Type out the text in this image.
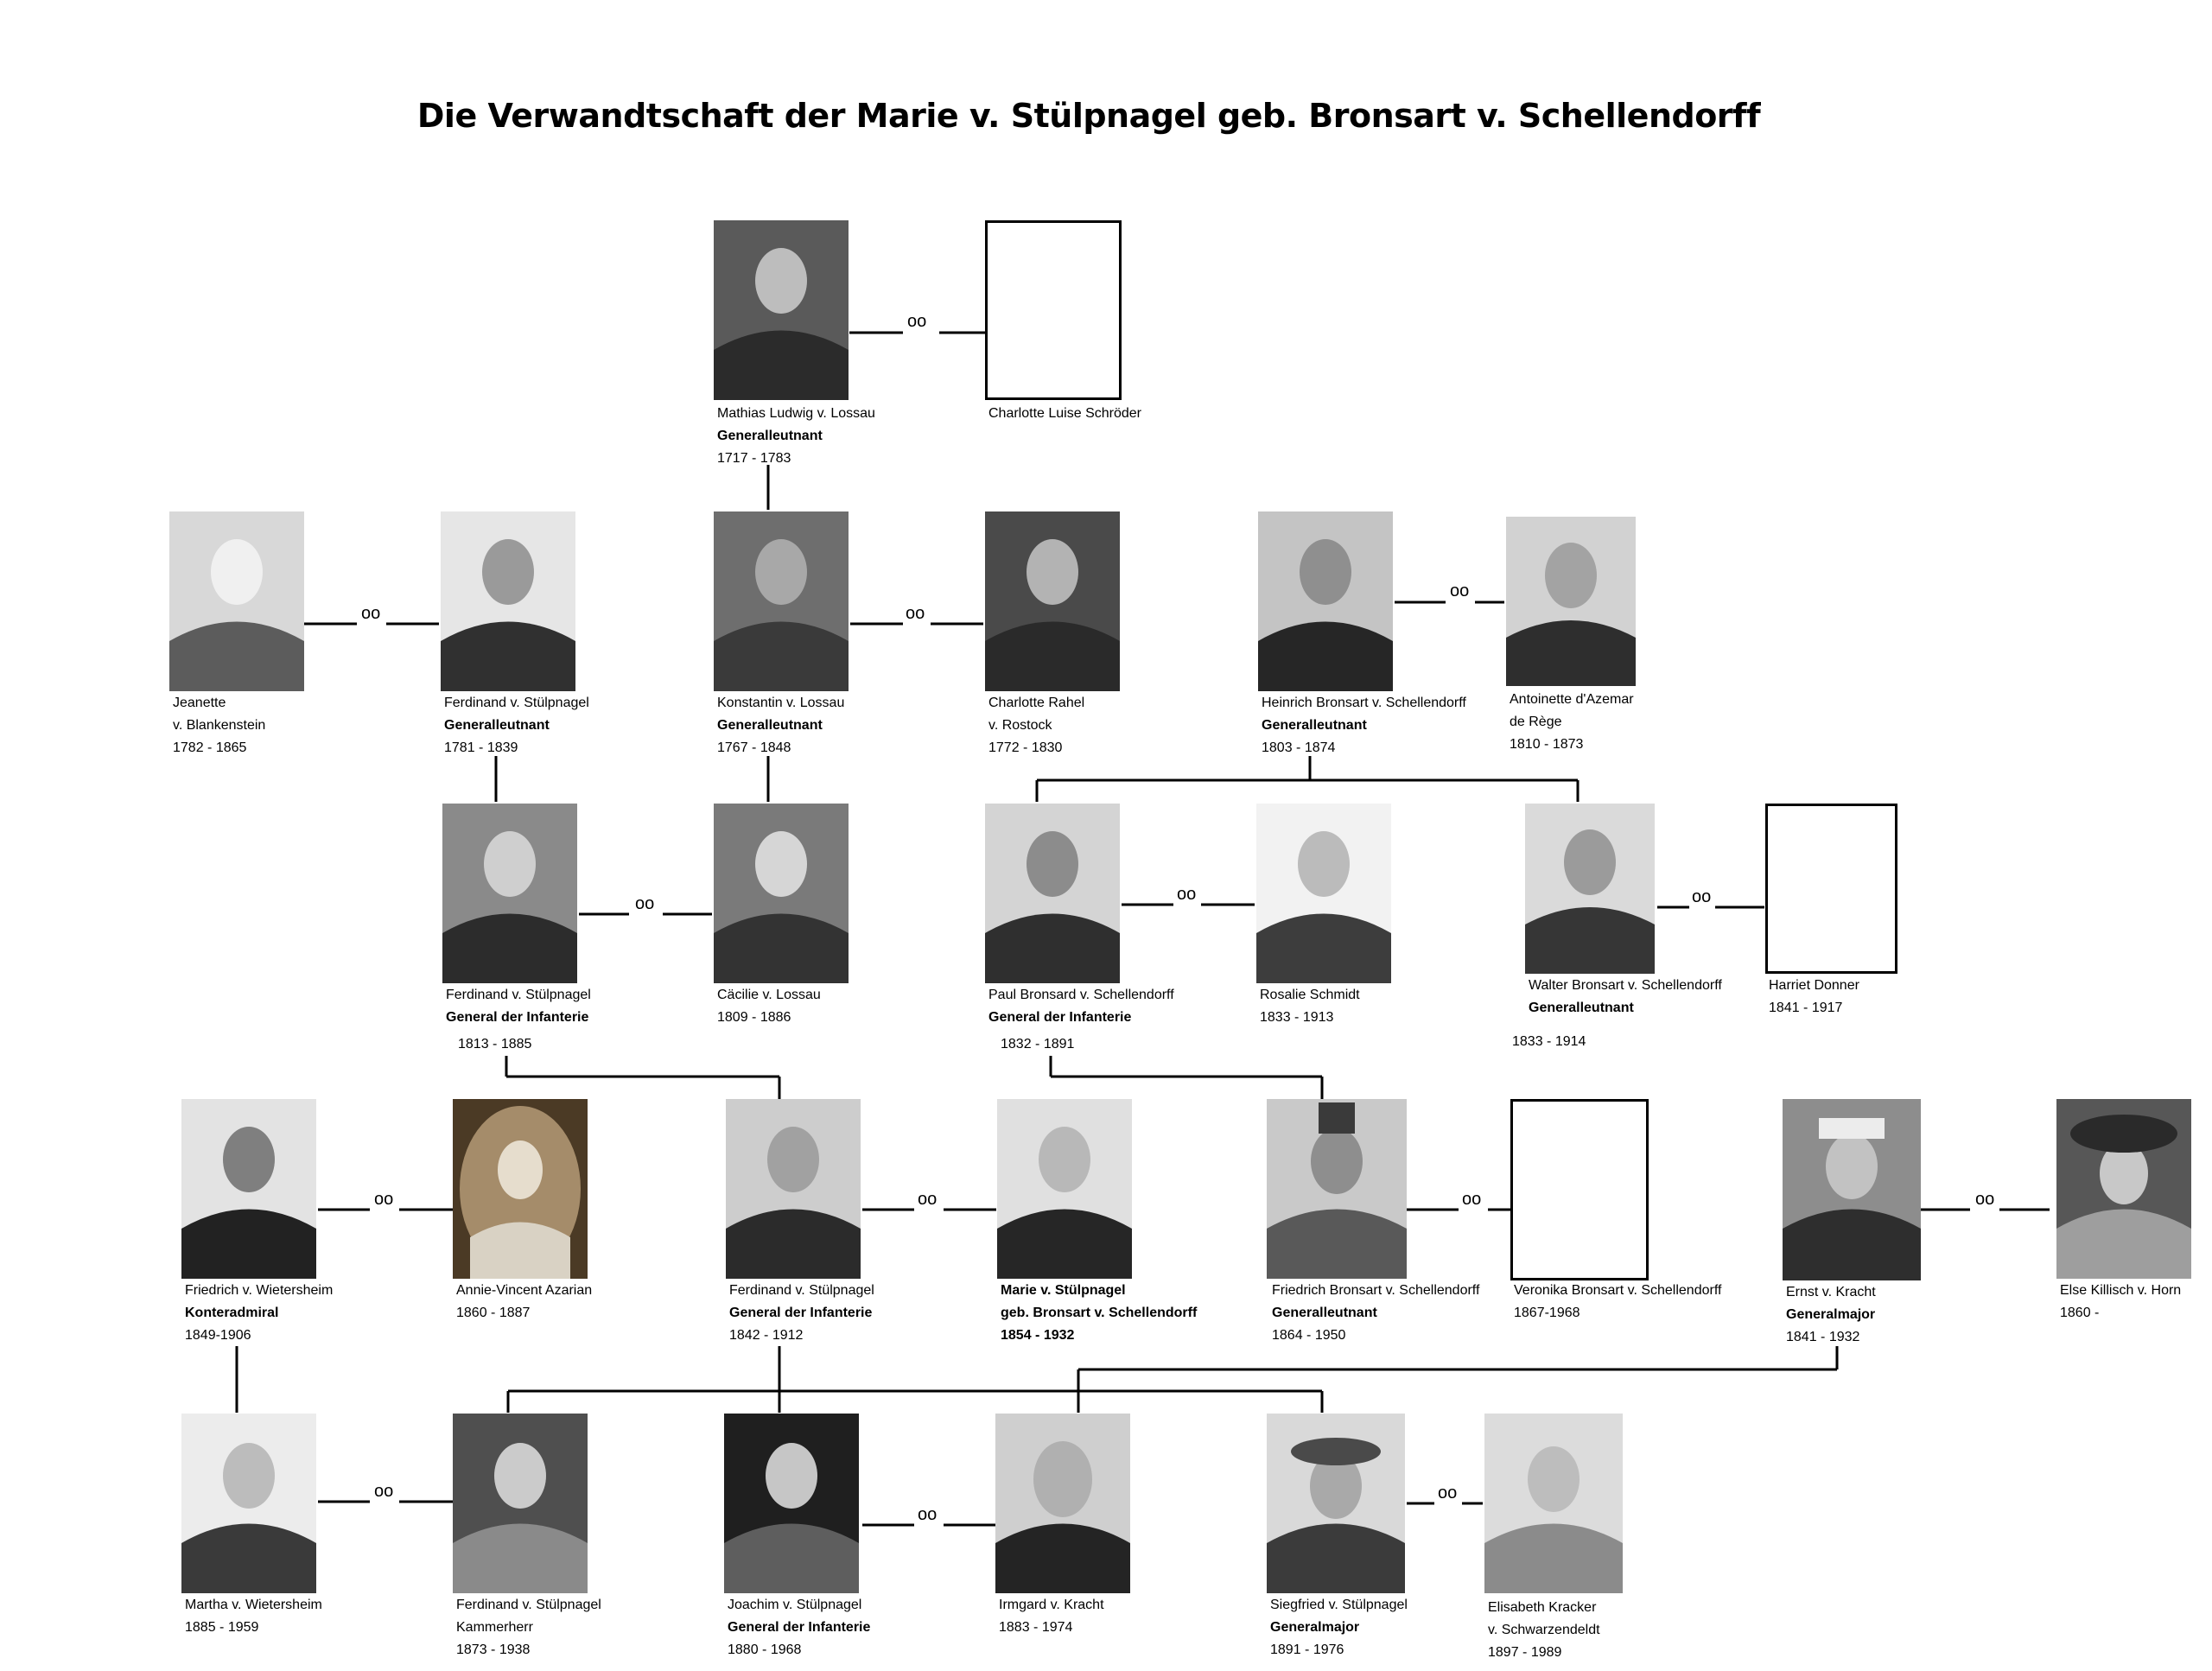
Die Verwandtschaft der Marie v. Stülpnagel geb. Bronsart v. Schellendorff
oo
oo	oo
oo
oo	oo	oo
oo	oo	oo	oo
oo
oo
oo
Mathias Ludwig v. Lossau
Generalleutnant
1717 - 1783
Charlotte Luise Schröder
Jeanette
v. Blankenstein
1782 - 1865
Ferdinand v. Stülpnagel
Generalleutnant
1781 - 1839
Konstantin v. Lossau
Generalleutnant
1767 - 1848
Charlotte Rahel
v. Rostock
1772 - 1830
Heinrich Bronsart v. Schellendorff
Generalleutnant
1803 - 1874
Antoinette d'Azemar
de Rège
1810 - 1873
Ferdinand v. Stülpnagel
General der Infanterie
1813 - 1885
Cäcilie v. Lossau
1809 - 1886
Paul Bronsard v. Schellendorff
General der Infanterie
1832 - 1891
Rosalie Schmidt
1833 - 1913
Walter Bronsart v. Schellendorff
Generalleutnant
1833 - 1914
Harriet Donner
1841 - 1917
Friedrich v. Wietersheim
Konteradmiral
1849-1906
Annie-Vincent Azarian
1860 - 1887
Ferdinand v. Stülpnagel
General der Infanterie
1842 - 1912
Marie v. Stülpnagel
geb. Bronsart v. Schellendorff
1854 - 1932
Friedrich Bronsart v. Schellendorff
Generalleutnant
1864 - 1950
Veronika Bronsart v. Schellendorff
1867-1968
Ernst v. Kracht
Generalmajor
1841 - 1932
Else Killisch v. Horn
1860 -
Martha v. Wietersheim
1885 - 1959
Ferdinand v. Stülpnagel
Kammerherr
1873 - 1938
Joachim v. Stülpnagel
General der Infanterie
1880 - 1968
Irmgard v. Kracht
1883 - 1974
Siegfried v. Stülpnagel
Generalmajor
1891 - 1976
Elisabeth Kracker
v. Schwarzendeldt
1897 - 1989
